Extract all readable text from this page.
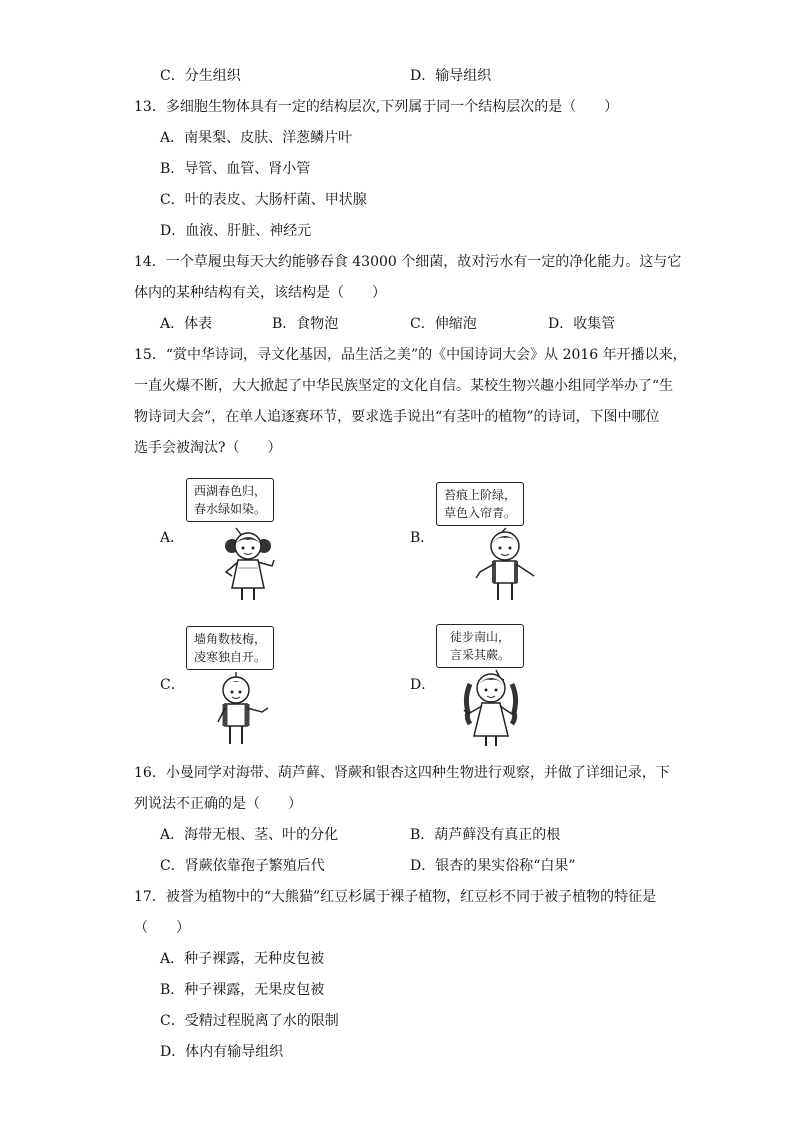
C．分生组织	D．输导组织
13．多细胞生物体具有一定的结构层次,下列属于同一个结构层次的是（　　）
A．南果梨、皮肤、洋葱鳞片叶
B．导管、血管、肾小管
C．叶的表皮、大肠杆菌、甲状腺
D．血液、肝脏、神经元
14．一个草履虫每天大约能够吞食 43000 个细菌，故对污水有一定的净化能力。这与它
体内的某种结构有关，该结构是（　　）
A．体表	B．食物泡	C．伸缩泡	D．收集管
15．“赏中华诗词，寻文化基因，品生活之美”的《中国诗词大会》从 2016 年开播以来，
一直火爆不断，大大掀起了中华民族坚定的文化自信。某校生物兴趣小组同学举办了“生
物诗词大会”，在单人追逐赛环节，要求选手说出“有茎叶的植物”的诗词，下图中哪位
选手会被淘汰?（　　）
A．
西湖春色归，
春水绿如染。
B．
苔痕上阶绿，
草色入帘青。
C．
墙角数枝梅，
凌寒独自开。
D．
徒步南山，
言采其蕨。
16．小曼同学对海带、葫芦藓、肾蕨和银杏这四种生物进行观察，并做了详细记录，下
列说法不正确的是（　　）
A．海带无根、茎、叶的分化	B．葫芦藓没有真正的根
C．肾蕨依靠孢子繁殖后代	D．银杏的果实俗称“白果”
17．被誉为植物中的“大熊猫”红豆杉属于裸子植物，红豆杉不同于被子植物的特征是
（　　）
A．种子裸露，无种皮包被
B．种子裸露，无果皮包被
C．受精过程脱离了水的限制
D．体内有输导组织
